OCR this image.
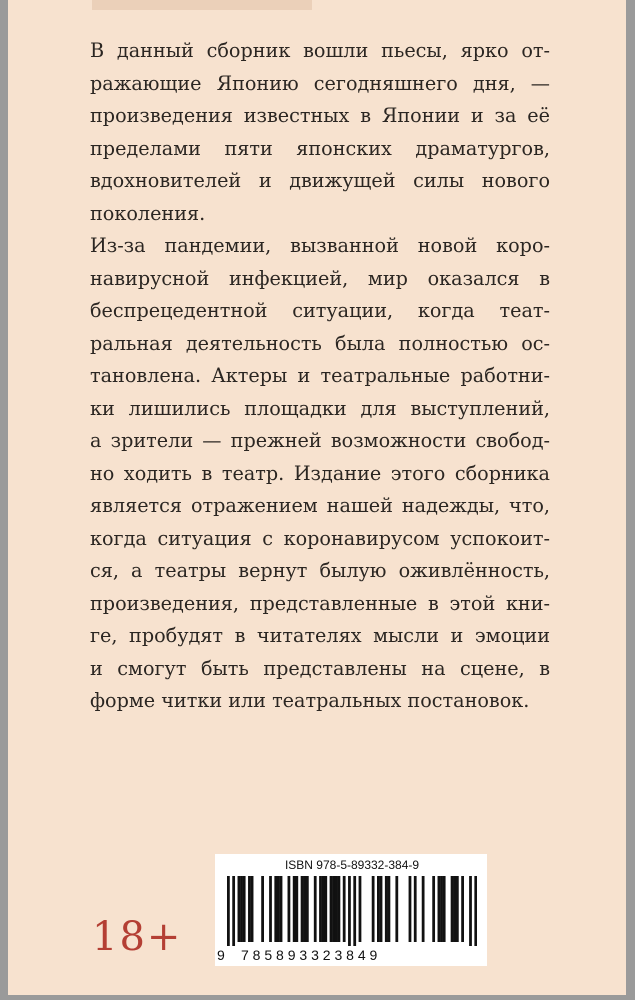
В данный сборник вошли пьесы, ярко от-
ражающие Японию сегодняшнего дня, —
произведения известных в Японии и за её
пределами пяти японских драматургов,
вдохновителей и движущей силы нового
поколения.

Из-за пандемии, вызванной новой коро-
навирусной инфекцией, мир оказался в
беспрецедентной ситуации, когда теат-
ральная деятельность была полностью ос-
тановлена. Актеры и театральные работни-
ки лишились площадки для выступлений,
а зрители — прежней возможности свобод-
но ходить в театр. Издание этого сборника
является отражением нашей надежды, что,
когда ситуация с коронавирусом успокоит-
ся, а театры вернут былую оживлённость,
произведения, представленные в этой кни-
ге, пробудят в читателях мысли и эмоции
и смогут быть представлены на сцене, в
форме читки или театральных постановок.

18+
ISBN 978-5-89332-384-9
9 785893323849
